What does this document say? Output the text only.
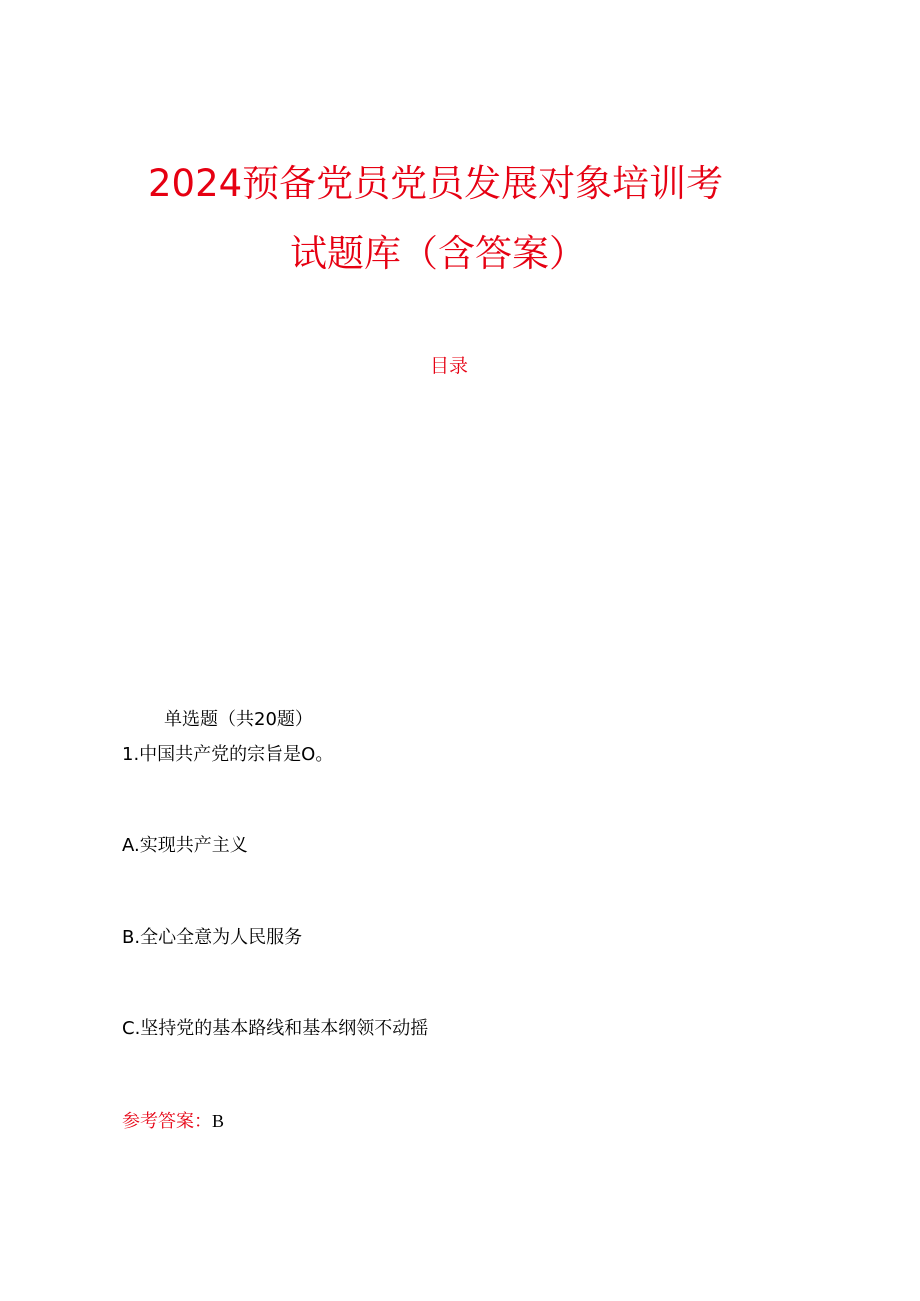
2024预备党员党员发展对象培训考
试题库（含答案）
目录
单选题（共20题）
1.中国共产党的宗旨是O。
A.实现共产主义
B.全心全意为人民服务
C.坚持党的基本路线和基本纲领不动摇
参考答案：B
